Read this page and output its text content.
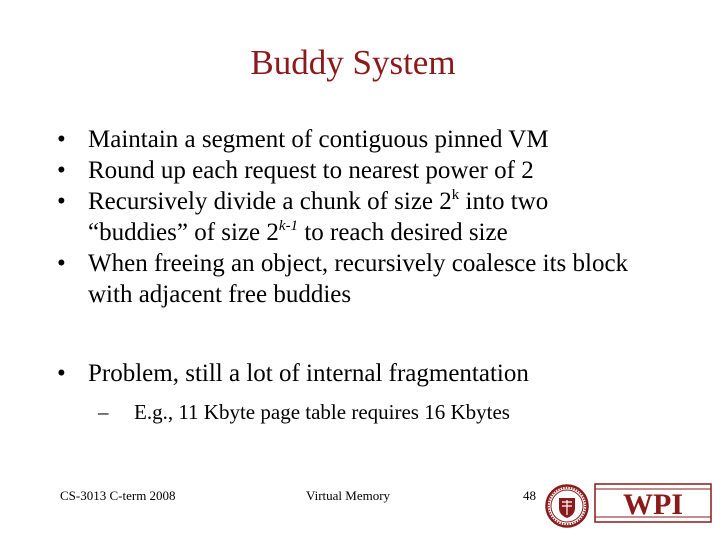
Buddy System

• Maintain a segment of contiguous pinned VM

• Round up each request to nearest power of 2

• Recursively divide a chunk of size 2$^k$ into two
“buddies” of size 2$^{k-1}$ to reach desired size

• When freeing an object, recursively coalesce its block with adjacent free buddies

• Problem, still a lot of internal fragmentation

– E.g., 11 Kbyte page table requires 16 Kbytes

CS-3013 C-term 2008	Virtual Memory	48	WPI
